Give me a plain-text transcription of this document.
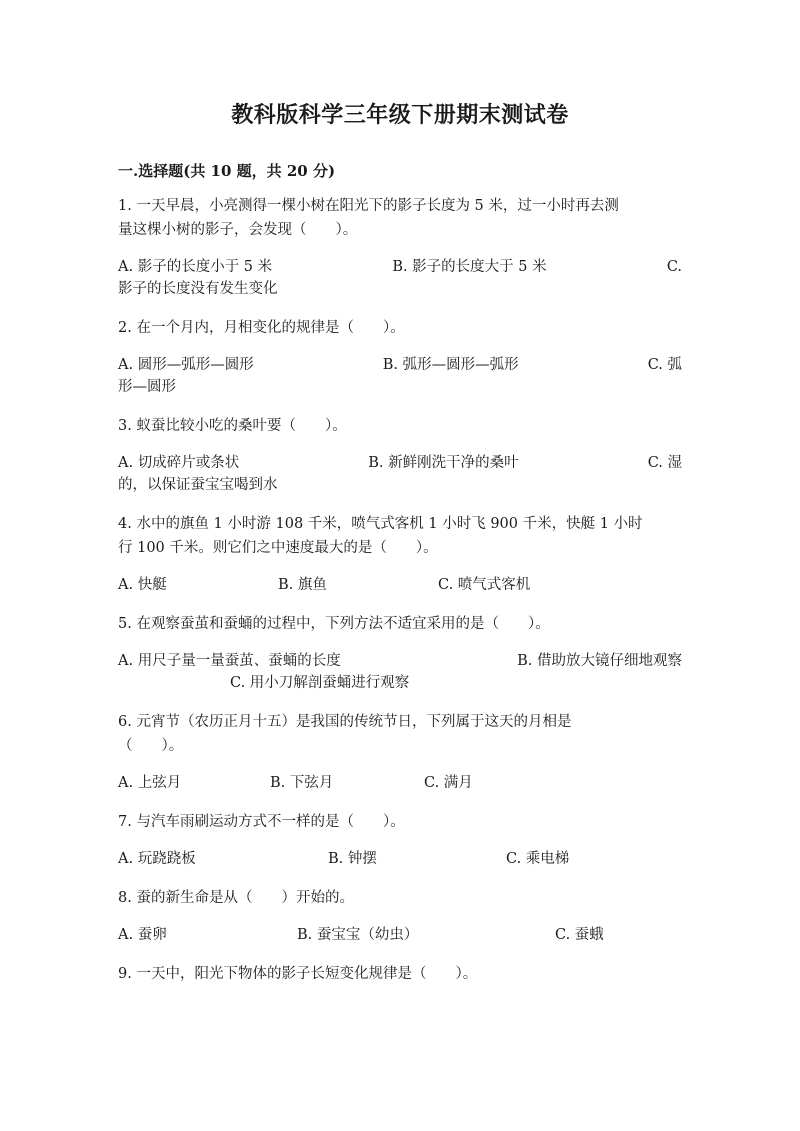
教科版科学三年级下册期末测试卷
一.选择题(共 10 题，共 20 分)
1. 一天早晨，小亮测得一棵小树在阳光下的影子长度为 5 米，过一小时再去测
量这棵小树的影子，会发现（　　）。
A. 影子的长度小于 5 米	B. 影子的长度大于 5 米	C.
影子的长度没有发生变化
2. 在一个月内，月相变化的规律是（　　）。
A. 圆形—弧形—圆形	B. 弧形—圆形—弧形	C. 弧
形—圆形
3. 蚁蚕比较小吃的桑叶要（　　）。
A. 切成碎片或条状	B. 新鲜刚洗干净的桑叶	C. 湿
的，以保证蚕宝宝喝到水
4. 水中的旗鱼 1 小时游 108 千米，喷气式客机 1 小时飞 900 千米，快艇 1 小时
行 100 千米。则它们之中速度最大的是（　　）。
A. 快艇	B. 旗鱼	C. 喷气式客机
5. 在观察蚕茧和蚕蛹的过程中，下列方法不适宜采用的是（　　）。
A. 用尺子量一量蚕茧、蚕蛹的长度	B. 借助放大镜仔细地观察
C. 用小刀解剖蚕蛹进行观察
6. 元宵节（农历正月十五）是我国的传统节日，下列属于这天的月相是
（　　）。
A. 上弦月	B. 下弦月	C. 满月
7. 与汽车雨刷运动方式不一样的是（　　）。
A. 玩跷跷板	B. 钟摆	C. 乘电梯
8. 蚕的新生命是从（　　）开始的。
A. 蚕卵	B. 蚕宝宝（幼虫）	C. 蚕蛾
9. 一天中，阳光下物体的影子长短变化规律是（　　）。
